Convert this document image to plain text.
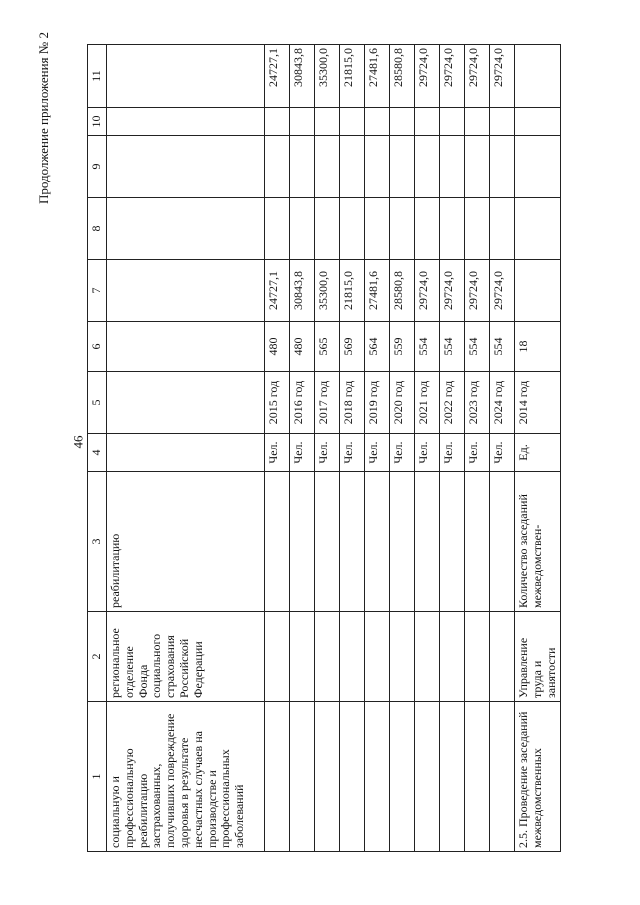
46
Продолжение приложения № 2
1	2	3	4	5	6	7	8	9	10	11
социальную и профессиональную реабилитацию застрахованных, получивших повреждение здоровья в результате несчастных случаев на производстве и профессиональных заболеваний	региональное отделение Фонда социального страхования Российской Федерации	реабилитацию								
			Чел.	2015 год	480	24727,1				24727,1
			Чел.	2016 год	480	30843,8				30843,8
			Чел.	2017 год	565	35300,0				35300,0
			Чел.	2018 год	569	21815,0				21815,0
			Чел.	2019 год	564	27481,6				27481,6
			Чел.	2020 год	559	28580,8				28580,8
			Чел.	2021 год	554	29724,0				29724,0
			Чел.	2022 год	554	29724,0				29724,0
			Чел.	2023 год	554	29724,0				29724,0
			Чел.	2024 год	554	29724,0				29724,0
2.5. Проведение заседаний межведомственных	Управление труда и занятости	Количество заседаний межведомствен-	Ед.	2014 год	18					
